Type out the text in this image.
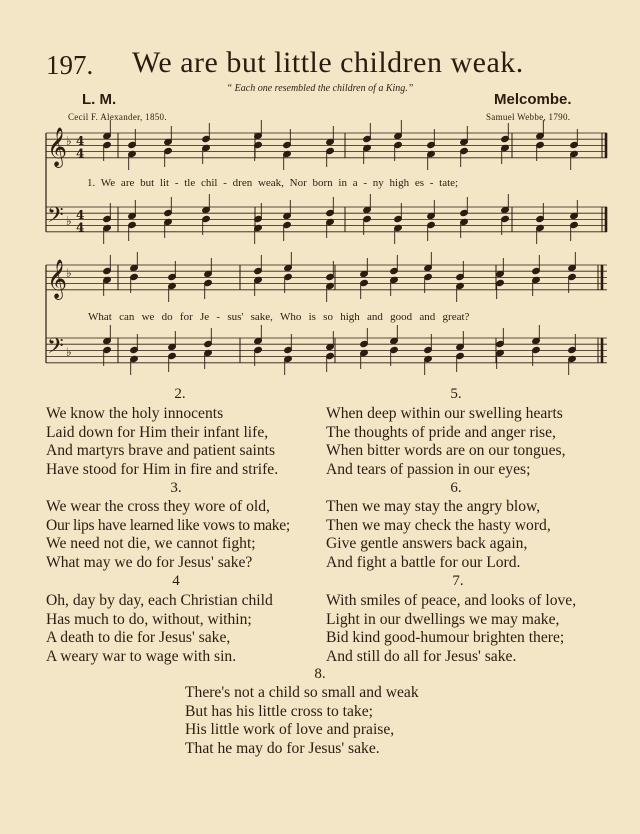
197. We are but little children weak.
“ Each one resembled the children of a King.”
L. M.	Melcombe.
Cecil F. Alexander, 1850.	Samuel Webbe, 1790.
𝄞
♭ 4
4
𝄢 ♭ 4
4
𝄞
♭
𝄢 ♭
1. We are but lit - tle chil - dren weak, Nor born in a - ny high es - tate;
What can we do for Je - sus' sake, Who is so high and good and great?
2.
We know the holy innocents
Laid down for Him their infant life,
And martyrs brave and patient saints
Have stood for Him in fire and strife.
3.
We wear the cross they wore of old,
Our lips have learned like vows to make;
We need not die, we cannot fight;
What may we do for Jesus' sake?
4
Oh, day by day, each Christian child
Has much to do, without, within;
A death to die for Jesus' sake,
A weary war to wage with sin.
5.
When deep within our swelling hearts
The thoughts of pride and anger rise,
When bitter words are on our tongues,
And tears of passion in our eyes;
6.
Then we may stay the angry blow,
Then we may check the hasty word,
Give gentle answers back again,
And fight a battle for our Lord.
7.
With smiles of peace, and looks of love,
Light in our dwellings we may make,
Bid kind good-humour brighten there;
And still do all for Jesus' sake.
8.
There's not a child so small and weak
But has his little cross to take;
His little work of love and praise,
That he may do for Jesus' sake.
